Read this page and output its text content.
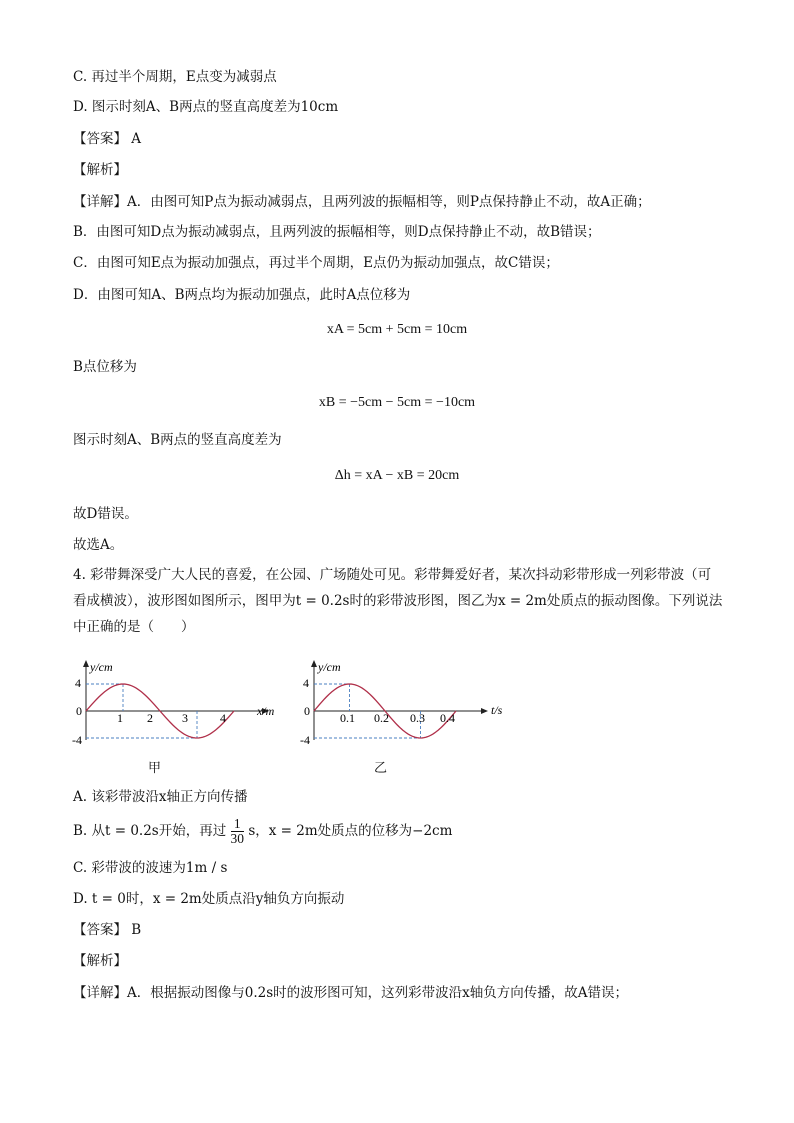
C. 再过半个周期，E点变为减弱点
D. 图示时刻A、B两点的竖直高度差为10cm
【答案】 A
【解析】
【详解】A．由图可知P点为振动减弱点，且两列波的振幅相等，则P点保持静止不动，故A正确；
B．由图可知D点为振动减弱点，且两列波的振幅相等，则D点保持静止不动，故B错误；
C．由图可知E点为振动加强点，再过半个周期，E点仍为振动加强点，故C错误；
D．由图可知A、B两点均为振动加强点，此时A点位移为
xA = 5cm + 5cm = 10cm
B点位移为
xB = −5cm − 5cm = −10cm
图示时刻A、B两点的竖直高度差为
Δh = xA − xB = 20cm
故D错误。
故选A。
4. 彩带舞深受广大人民的喜爱，在公园、广场随处可见。彩带舞爱好者，某次抖动彩带形成一列彩带波（可看成横波），波形图如图所示，图甲为t = 0.2s时的彩带波形图，图乙为x = 2m处质点的振动图像。下列说法中正确的是（　　）
y/cm
x/m
4
0
-4
1 2 3	4
甲
y/cm
t/s
4
0
-4
0.1 0.2 0.3 0.4
乙
A. 该彩带波沿x轴正方向传播
B. 从t = 0.2s开始，再过 $\frac{1}{30}$ s，x = 2m处质点的位移为−2cm
C. 彩带波的波速为1m / s
D. t = 0时，x = 2m处质点沿y轴负方向振动
【答案】 B
【解析】
【详解】A．根据振动图像与0.2s时的波形图可知，这列彩带波沿x轴负方向传播，故A错误；
